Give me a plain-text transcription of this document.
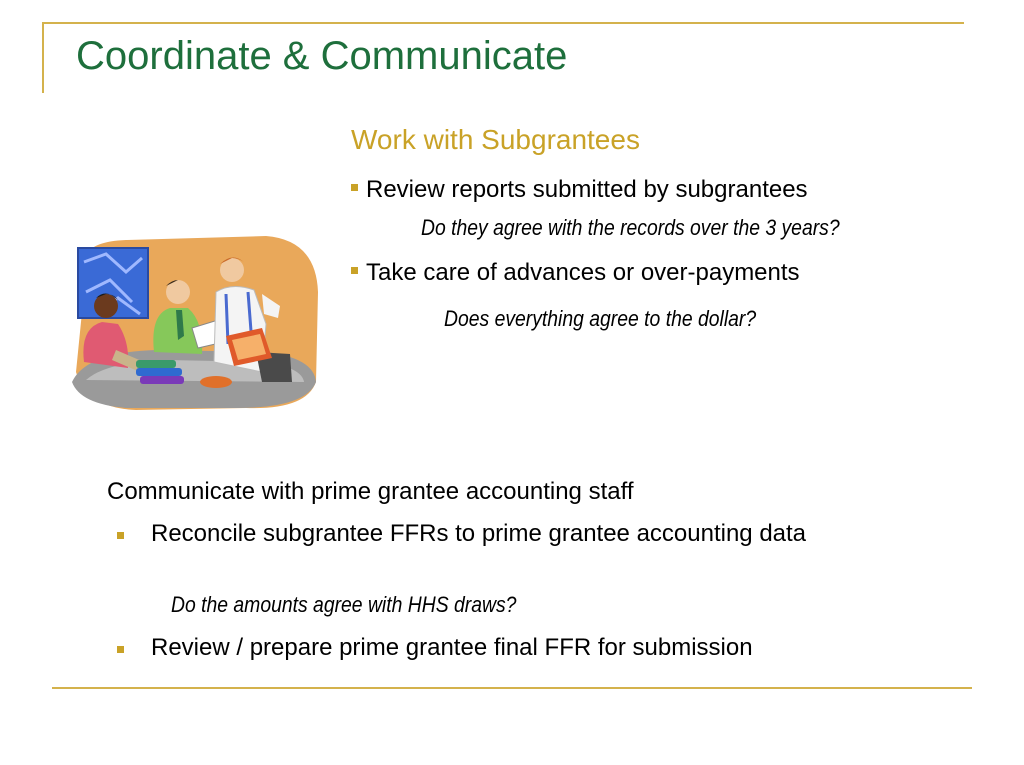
Coordinate & Communicate
Work with Subgrantees
Review reports submitted by subgrantees
Do they agree with the records over the 3 years?
Take care of advances or over-payments
Does everything agree to the dollar?
Communicate with prime grantee accounting staff
Reconcile subgrantee FFRs to prime grantee accounting data
Do the amounts agree with HHS draws?
Review / prepare prime grantee final FFR for submission
